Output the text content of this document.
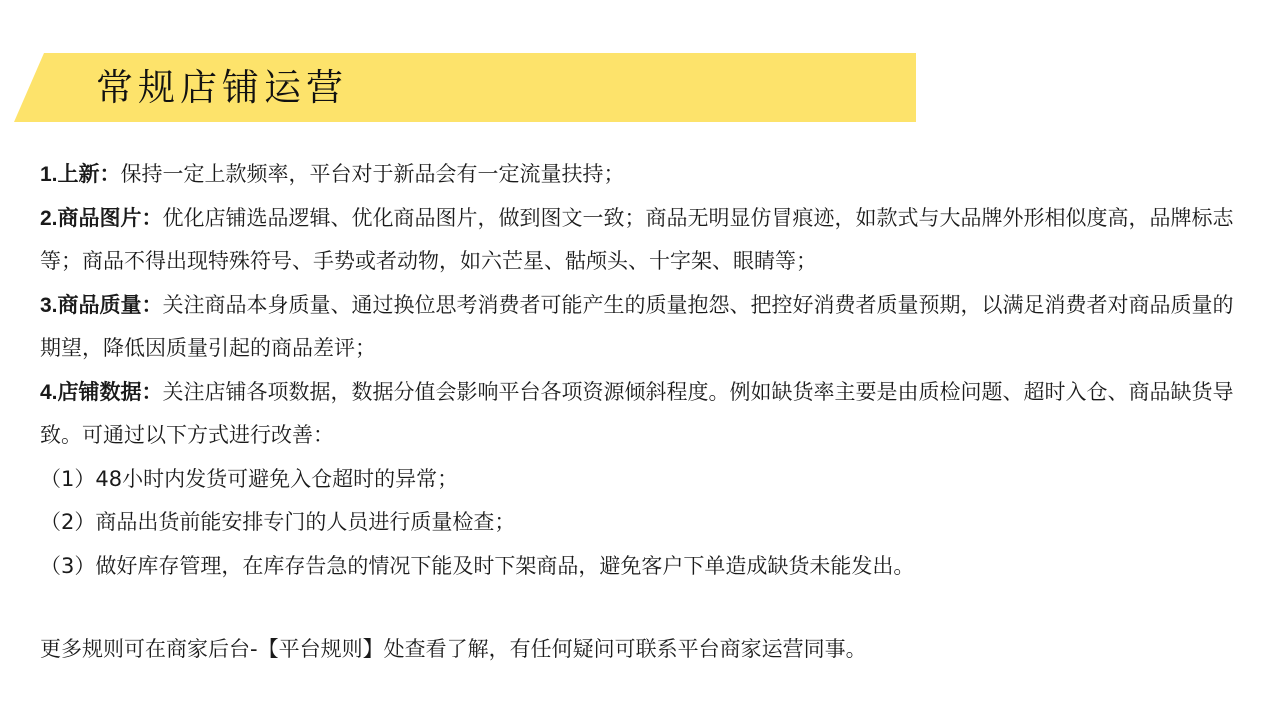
常规店铺运营

1.上新：保持一定上款频率，平台对于新品会有一定流量扶持；

2.商品图片：优化店铺选品逻辑、优化商品图片，做到图文一致；商品无明显仿冒痕迹，如款式与大品牌外形相似度高，品牌标志等；商品不得出现特殊符号、手势或者动物，如六芒星、骷颅头、十字架、眼睛等；

3.商品质量：关注商品本身质量、通过换位思考消费者可能产生的质量抱怨、把控好消费者质量预期，以满足消费者对商品质量的期望，降低因质量引起的商品差评；

4.店铺数据：关注店铺各项数据，数据分值会影响平台各项资源倾斜程度。例如缺货率主要是由质检问题、超时入仓、商品缺货导致。可通过以下方式进行改善：

（1）48小时内发货可避免入仓超时的异常；

（2）商品出货前能安排专门的人员进行质量检查；

（3）做好库存管理，在库存告急的情况下能及时下架商品，避免客户下单造成缺货未能发出。

更多规则可在商家后台-【平台规则】处查看了解，有任何疑问可联系平台商家运营同事。
